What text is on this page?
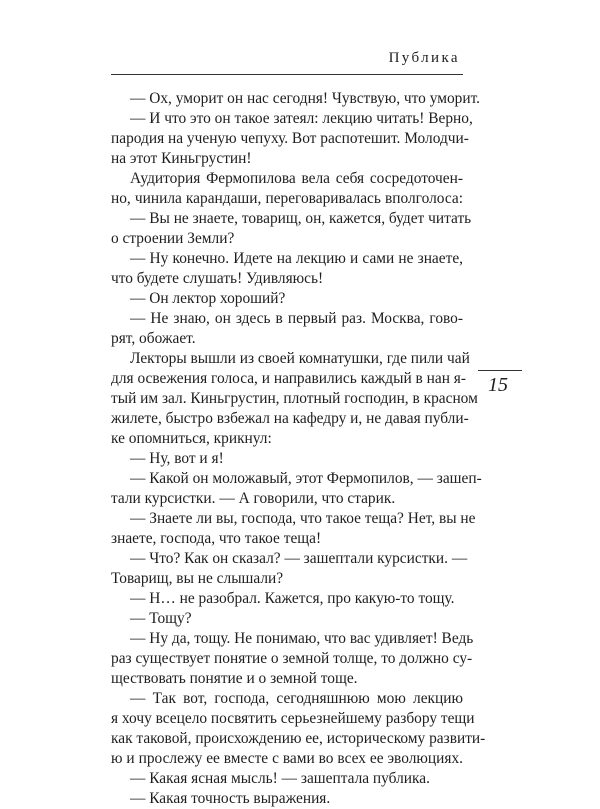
Публика
15
— Ох, уморит он нас сегодня! Чувствую, что уморит.
— И что это он такое затеял: лекцию читать! Верно,
пародия на ученую чепуху. Вот распотешит. Молодчи-
на этот Киньгрустин!
Аудитория Фермопилова вела себя сосредоточен-
но, чинила карандаши, переговаривалась вполголоса:
— Вы не знаете, товарищ, он, кажется, будет читать
о строении Земли?
— Ну конечно. Идете на лекцию и сами не знаете,
что будете слушать! Удивляюсь!
— Он лектор хороший?
— Не знаю, он здесь в первый раз. Москва, гово-
рят, обожает.
Лекторы вышли из своей комнатушки, где пили чай
для освежения голоса, и направились каждый в нан я-
тый им зал. Киньгрустин, плотный господин, в красном
жилете, быстро взбежал на кафедру и, не давая публи-
ке опомниться, крикнул:
— Ну, вот и я!
— Какой он моложавый, этот Фермопилов, — зашеп-
тали курсистки. — А говорили, что старик.
— Знаете ли вы, господа, что такое теща? Нет, вы не
знаете, господа, что такое теща!
— Что? Как он сказал? — зашептали курсистки. —
Товарищ, вы не слышали?
— Н… не разобрал. Кажется, про какую-то тощу.
— Тощу?
— Ну да, тощу. Не понимаю, что вас удивляет! Ведь
раз существует понятие о земной толще, то должно су-
ществовать понятие и о земной тоще.
— Так вот, господа, сегодняшнюю мою лекцию
я хочу всецело посвятить серьезнейшему разбору тещи
как таковой, происхождению ее, историческому развити-
ю и прослежу ее вместе с вами во всех ее эволюциях.
— Какая ясная мысль! — зашептала публика.
— Какая точность выражения.
